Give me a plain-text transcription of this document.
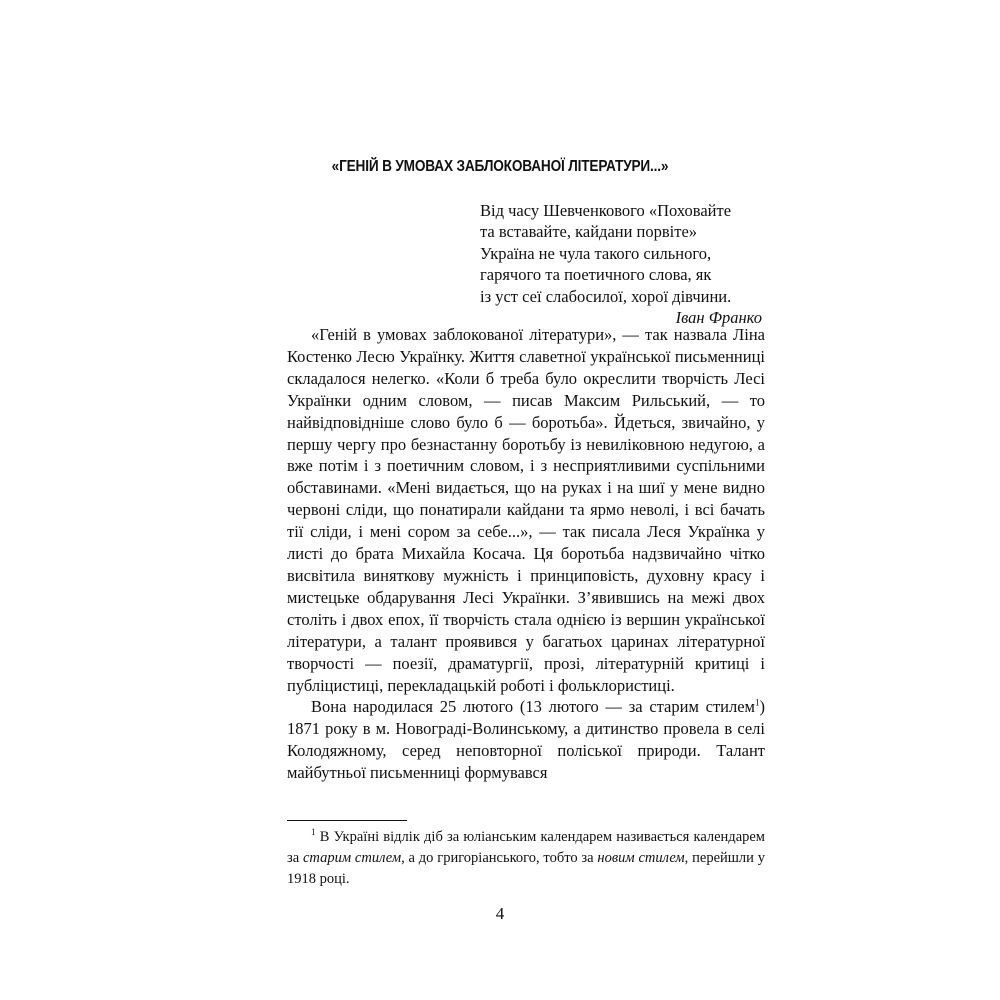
«ГЕНІЙ В УМОВАХ ЗАБЛОКОВАНОЇ ЛІТЕРАТУРИ...»
Від часу Шевченкового «Поховайте
та вставайте, кайдани порвіте»
Україна не чула такого сильного,
гарячого та поетичного слова, як
із уст сеї слабосилої, хорої дівчини.
Іван Франко

«Геній в умовах заблокованої літератури», — так назвала Ліна Костенко Лесю Українку. Життя славетної української письменниці складалося нелегко. «Коли б треба було окреслити творчість Лесі Українки одним словом, — писав Максим Рильський, — то найвідповідніше слово було б — боротьба». Йдеться, звичайно, у першу чергу про безнастанну боротьбу із невиліковною недугою, а вже потім і з поетичним словом, і з несприятливими суспільними обставинами. «Мені видається, що на руках і на шиї у мене видно червоні сліди, що понатирали кайдани та ярмо неволі, і всі бачать тії сліди, і мені сором за себе...», — так писала Леся Українка у листі до брата Михайла Косача. Ця боротьба надзвичайно чітко висвітила виняткову мужність і принциповість, духовну красу і мистецьке обдарування Лесі Українки. З’явившись на межі двох століть і двох епох, її творчість стала однією із вершин української літератури, а талант проявився у багатьох царинах літературної творчості — поезії, драматургії, прозі, літературній критиці і публіцистиці, перекладацькій роботі і фольклористиці.

Вона народилася 25 лютого (13 лютого — за старим стилем$^1$) 1871 року в м. Новограді-Волинському, а дитинство провела в селі Колодяжному, серед неповторної поліської природи. Талант майбутньої письменниці формувався

$^1$ В Україні відлік діб за юліанським календарем називається календарем за старим стилем, а до григоріанського, тобто за новим стилем, перейшли у 1918 році.
4
